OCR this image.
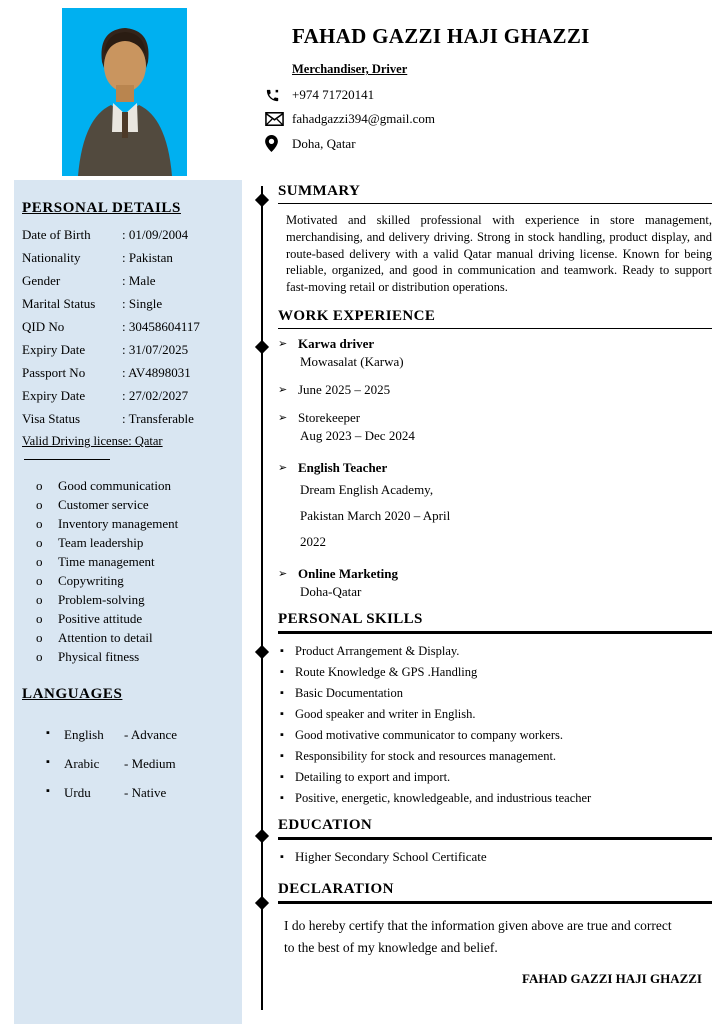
FAHAD GAZZI HAJI GHAZZI
Merchandiser, Driver
+974 71720141
fahadgazzi394@gmail.com
Doha, Qatar
PERSONAL DETAILS
Date of Birth	: 01/09/2004
Nationality	: Pakistan
Gender	: Male
Marital Status	: Single
QID No	: 30458604117
Expiry Date	: 31/07/2025
Passport No	: AV4898031
Expiry Date	: 27/02/2027
Visa Status	: Transferable
Valid Driving license: Qatar
o	Good communication
o	Customer service
o	Inventory management
o	Team leadership
o	Time management
o	Copywriting
o	Problem-solving
o	Positive attitude
o	Attention to detail
o	Physical fitness
LANGUAGES
▪	English	- Advance
▪	Arabic	- Medium
▪	Urdu	- Native
SUMMARY

Motivated and skilled professional with experience in store management, merchandising, and delivery driving. Strong in stock handling, product display, and route-based delivery with a valid Qatar manual driving license. Known for being reliable, organized, and good in communication and teamwork. Ready to support fast-moving retail or distribution operations.

WORK EXPERIENCE
➢ Karwa driver
Mowasalat (Karwa)
➢ June 2025 – 2025
➢ Storekeeper
Aug 2023 – Dec 2024
➢ English Teacher
Dream English Academy,
Pakistan March 2020 – April
2022
➢ Online Marketing
Doha-Qatar
PERSONAL SKILLS
▪ Product Arrangement & Display.
▪ Route Knowledge & GPS .Handling
▪ Basic Documentation
▪ Good speaker and writer in English.
▪ Good motivative communicator to company workers.
▪ Responsibility for stock and resources management.
▪ Detailing to export and import.
▪ Positive, energetic, knowledgeable, and industrious teacher
EDUCATION
▪ Higher Secondary School Certificate
DECLARATION

I do hereby certify that the information given above are true and correct to the best of my knowledge and belief.

FAHAD GAZZI HAJI GHAZZI
